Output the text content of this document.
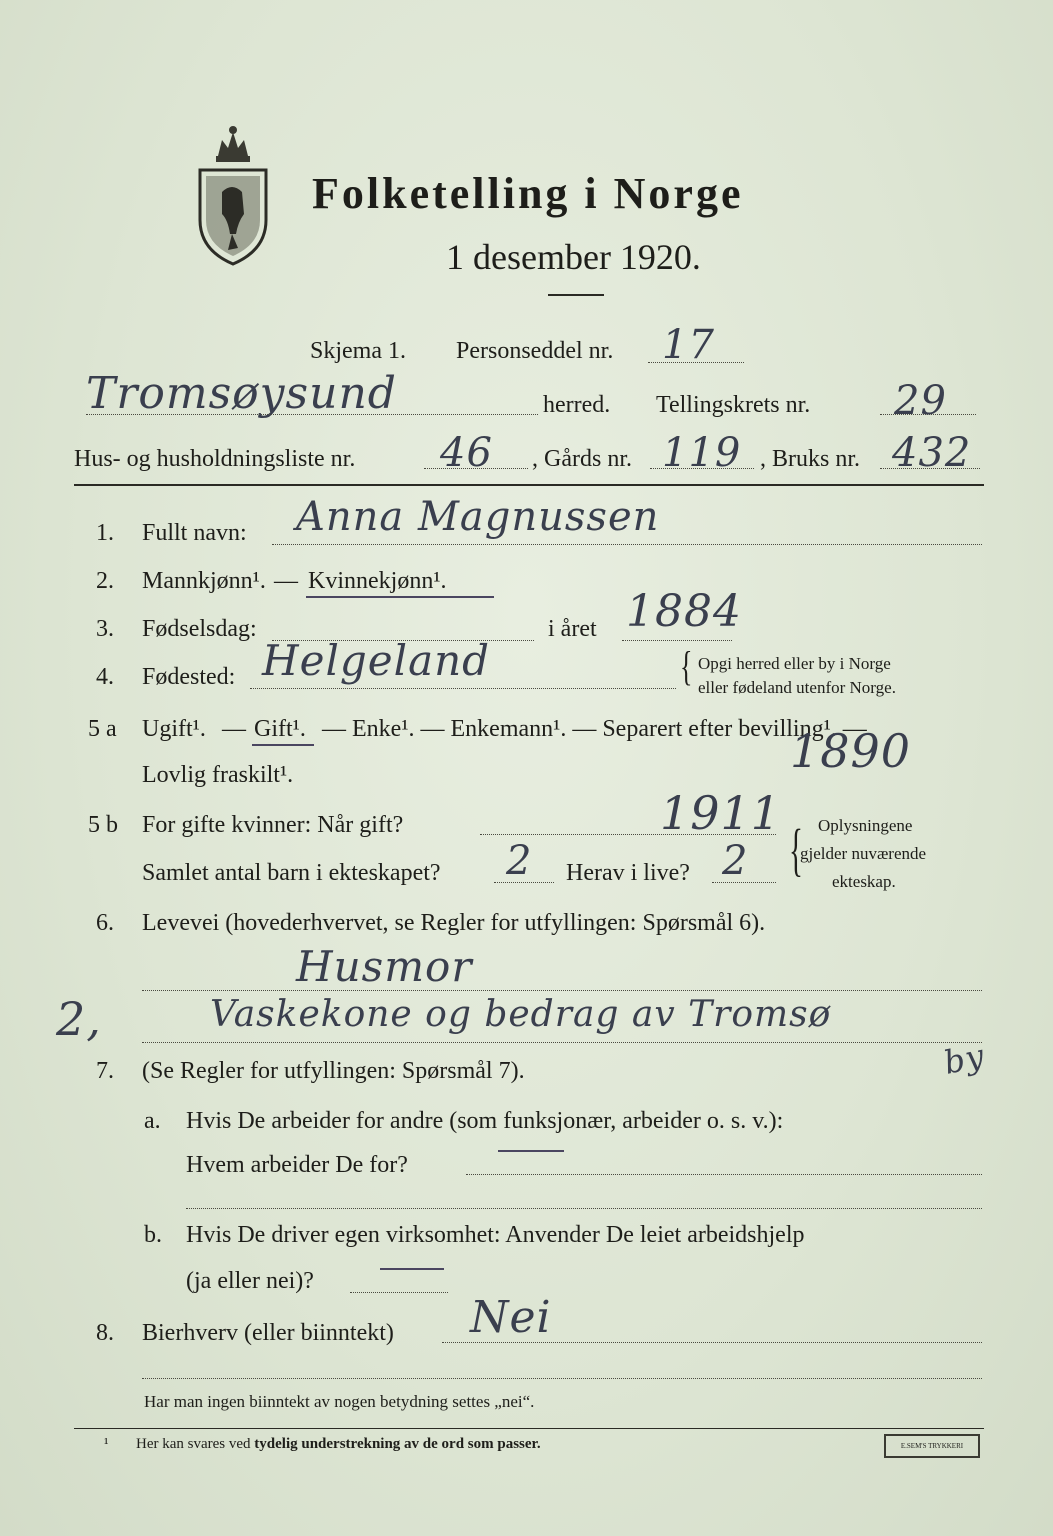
Folketelling i Norge
1 desember 1920.
Skjema 1. Personseddel nr. 17
Tromsøysund	herred. Tellingskrets nr. 29
Hus- og husholdningsliste nr. 46 , Gårds nr. 119 , Bruks nr. 432
1. Fullt navn: Anna Magnussen
2. Mannkjønn¹. — Kvinnekjønn¹.
3. Fødselsdag:	i året 1884
4. Fødested: Helgeland	{ Opgi herred eller by i Norge
eller fødeland utenfor Norge.
5 a Ugift¹. — Gift¹. — Enke¹. — Enkemann¹. — Separert efter bevilling¹. —
Lovlig fraskilt¹.	1890
5 b For gifte kvinner: Når gift?	1911
Samlet antal barn i ekteskapet? 2 Herav i live? 2 { Oplysningene
gjelder nuværende
ekteskap.
6. Levevei (hovederhvervet, se Regler for utfyllingen: Spørsmål 6).
Husmor
2,	Vaskekone og bedrag av Tromsø
by
7. (Se Regler for utfyllingen: Spørsmål 7).
a. Hvis De arbeider for andre (som funksjonær, arbeider o. s. v.):
Hvem arbeider De for?
b. Hvis De driver egen virksomhet: Anvender De leiet arbeidshjelp
(ja eller nei)?
8. Bierhverv (eller biinntekt) Nei
Har man ingen biinntekt av nogen betydning settes „nei“.
¹ Her kan svares ved tydelig understrekning av de ord som passer.	E.SEM'S TRYKKERI
